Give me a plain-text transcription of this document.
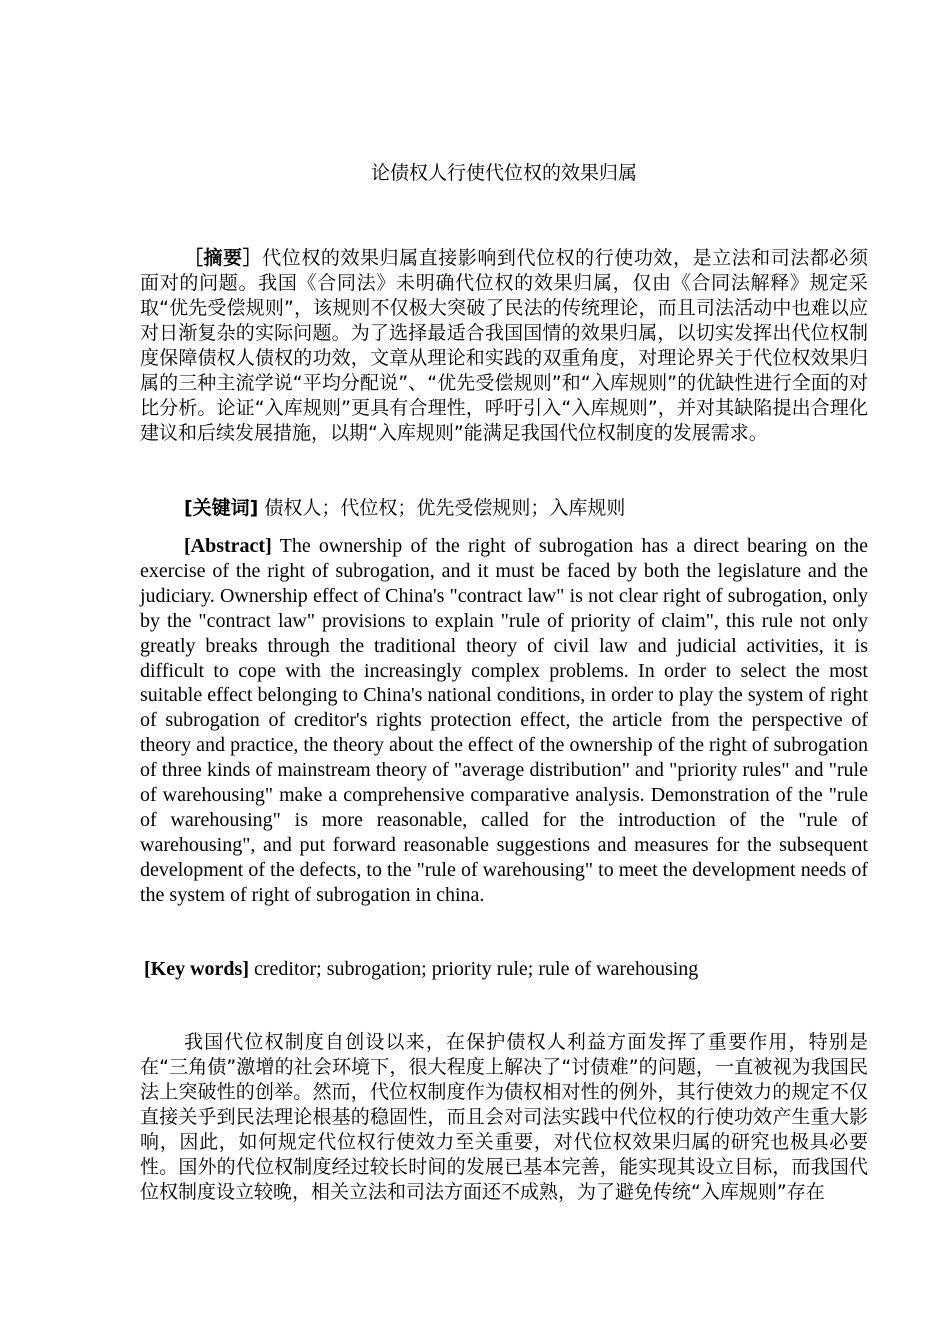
论债权人行使代位权的效果归属

［摘要］代位权的效果归属直接影响到代位权的行使功效，是立法和司法都必须面对的问题。我国《合同法》未明确代位权的效果归属，仅由《合同法解释》规定采取“优先受偿规则”，该规则不仅极大突破了民法的传统理论，而且司法活动中也难以应对日渐复杂的实际问题。为了选择最适合我国国情的效果归属，以切实发挥出代位权制度保障债权人债权的功效，文章从理论和实践的双重角度，对理论界关于代位权效果归属的三种主流学说“平均分配说”、“优先受偿规则”和“入库规则”的优缺性进行全面的对比分析。论证“入库规则”更具有合理性，呼吁引入“入库规则”，并对其缺陷提出合理化建议和后续发展措施，以期“入库规则”能满足我国代位权制度的发展需求。

[关键词] 债权人；代位权；优先受偿规则；入库规则

[Abstract] The ownership of the right of subrogation has a direct bearing on the exercise of the right of subrogation, and it must be faced by both the legislature and the judiciary. Ownership effect of China's "contract law" is not clear right of subrogation, only by the "contract law" provisions to explain "rule of priority of claim", this rule not only greatly breaks through the traditional theory of civil law and judicial activities, it is difficult to cope with the increasingly complex problems. In order to select the most suitable effect belonging to China's national conditions, in order to play the system of right of subrogation of creditor's rights protection effect, the article from the perspective of theory and practice, the theory about the effect of the ownership of the right of subrogation of three kinds of mainstream theory of "average distribution" and "priority rules" and "rule of warehousing" make a comprehensive comparative analysis. Demonstration of the "rule of warehousing" is more reasonable, called for the introduction of the "rule of warehousing", and put forward reasonable suggestions and measures for the subsequent development of the defects, to the "rule of warehousing" to meet the development needs of the system of right of subrogation in china.

[Key words] creditor; subrogation; priority rule; rule of warehousing

我国代位权制度自创设以来，在保护债权人利益方面发挥了重要作用，特别是在“三角债”激增的社会环境下，很大程度上解决了“讨债难”的问题，一直被视为我国民法上突破性的创举。然而，代位权制度作为债权相对性的例外，其行使效力的规定不仅直接关乎到民法理论根基的稳固性，而且会对司法实践中代位权的行使功效产生重大影响，因此，如何规定代位权行使效力至关重要，对代位权效果归属的研究也极具必要性。国外的代位权制度经过较长时间的发展已基本完善，能实现其设立目标，而我国代位权制度设立较晚，相关立法和司法方面还不成熟，为了避免传统“入库规则”存在
